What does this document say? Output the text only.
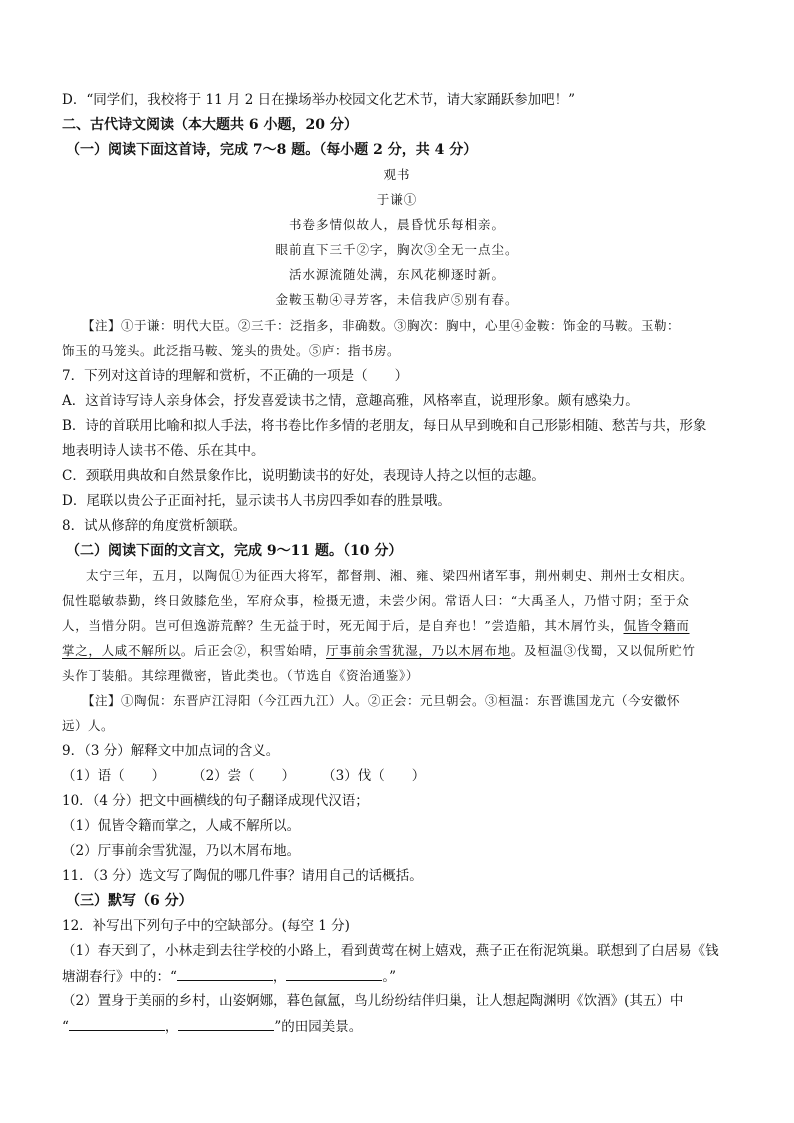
D．“同学们，我校将于 11 月 2 日在操场举办校园文化艺术节，请大家踊跃参加吧！”
二、古代诗文阅读（本大题共 6 小题，20 分）
（一）阅读下面这首诗，完成 7～8 题。（每小题 2 分，共 4 分）
观书
于谦①
书卷多情似故人，晨昏忧乐每相亲。
眼前直下三千②字，胸次③全无一点尘。
活水源流随处满，东风花柳逐时新。
金鞍玉勒④寻芳客，未信我庐⑤别有春。
【注】①于谦：明代大臣。②三千：泛指多，非确数。③胸次：胸中，心里④金鞍：饰金的马鞍。玉勒：
饰玉的马笼头。此泛指马鞍、笼头的贵处。⑤庐：指书房。
7．下列对这首诗的理解和赏析，不正确的一项是（　　）
A．这首诗写诗人亲身体会，抒发喜爱读书之情，意趣高雅，风格率直，说理形象。颇有感染力。
B．诗的首联用比喻和拟人手法，将书卷比作多情的老朋友，每日从早到晚和自己形影相随、愁苦与共，形象
地表明诗人读书不倦、乐在其中。
C．颈联用典故和自然景象作比，说明勤读书的好处，表现诗人持之以恒的志趣。
D．尾联以贵公子正面衬托，显示读书人书房四季如春的胜景哦。
8．试从修辞的角度赏析颔联。
（二）阅读下面的文言文，完成 9～11 题。（10 分）
太宁三年，五月，以陶侃①为征西大将军，都督荆、湘、雍、梁四州诸军事，荆州刺史、荆州士女相庆。
侃性聪敏恭勤，终日敛膝危坐，军府众事，检摄无遗，未尝少闲。常语人曰：“大禹圣人，乃惜寸阴；至于众
人，当惜分阴。岂可但逸游荒醉？生无益于时，死无闻于后，是自弃也！”尝造船，其木屑竹头，侃皆令籍而
掌之，人咸不解所以。后正会②，积雪始晴，厅事前余雪犹湿，乃以木屑布地。及桓温③伐蜀，又以侃所贮竹
头作丁装船。其综理微密，皆此类也。（节选自《资治通鉴》）
【注】①陶侃：东晋庐江浔阳（今江西九江）人。②正会：元旦朝会。③桓温：东晋谯国龙亢（今安徽怀
远）人。
9．（3 分）解释文中加点词的含义。
（1）语（　　）　　　（2）尝（　　）　　　（3）伐（　　）
10．（4 分）把文中画横线的句子翻译成现代汉语；
（1）侃皆令籍而掌之，人咸不解所以。
（2）厅事前余雪犹湿，乃以木屑布地。
11．（3 分）选文写了陶侃的哪几件事？请用自己的话概括。
（三）默写（6 分）
12．补写出下列句子中的空缺部分。(每空 1 分)
（1）春天到了，小林走到去往学校的小路上，看到黄莺在树上嬉戏，燕子正在衔泥筑巢。联想到了白居易《钱
塘湖春行》中的：“	，	。”
（2）置身于美丽的乡村，山姿婀娜，暮色氤氲，鸟儿纷纷结伴归巢，让人想起陶渊明《饮酒》(其五）中
“	，	”的田园美景。
